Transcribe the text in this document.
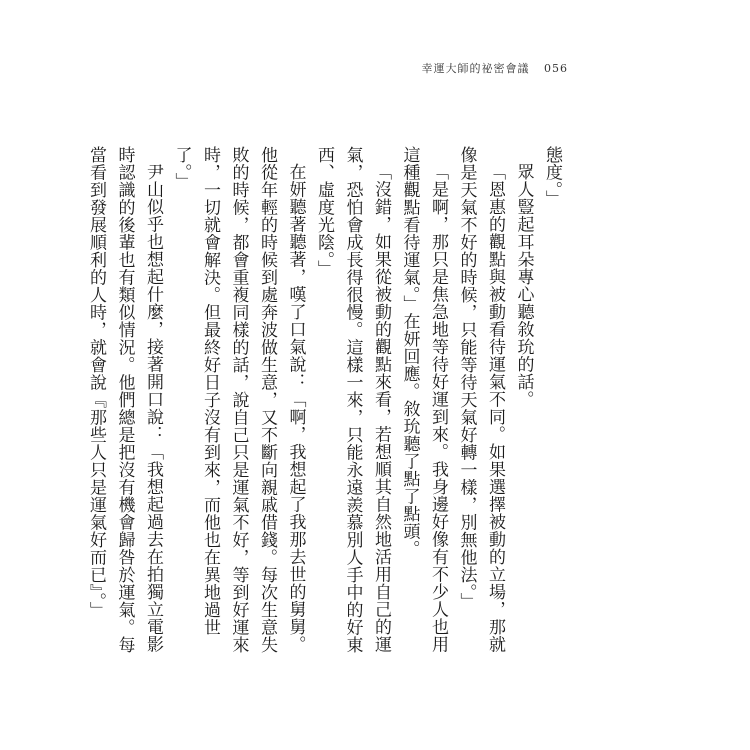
幸運大師的祕密會議 056

態度。」

眾人豎起耳朵專心聽敘玧的話。

「恩惠的觀點與被動看待運氣不同。如果選擇被動的立場，那就像是天氣不好的時候，只能等待天氣好轉一樣，別無他法。」

「是啊，那只是焦急地等待好運到來。我身邊好像有不少人也用這種觀點看待運氣。」在妍回應。敘玧聽了點了點頭。

「沒錯，如果從被動的觀點來看，若想順其自然地活用自己的運氣，恐怕會成長得很慢。這樣一來，只能永遠羨慕別人手中的好東西、虛度光陰。」

在妍聽著聽著，嘆了口氣說：「啊，我想起了我那去世的舅舅。他從年輕的時候到處奔波做生意，又不斷向親戚借錢。每次生意失敗的時候，都會重複同樣的話，說自己只是運氣不好，等到好運來時，一切就會解決。但最終好日子沒有到來，而他也在異地過世了。」

尹山似乎也想起什麼，接著開口說：「我想起過去在拍獨立電影時認識的後輩也有類似情況。他們總是把沒有機會歸咎於運氣。每當看到發展順利的人時，就會說『那些人只是運氣好而已』。」
